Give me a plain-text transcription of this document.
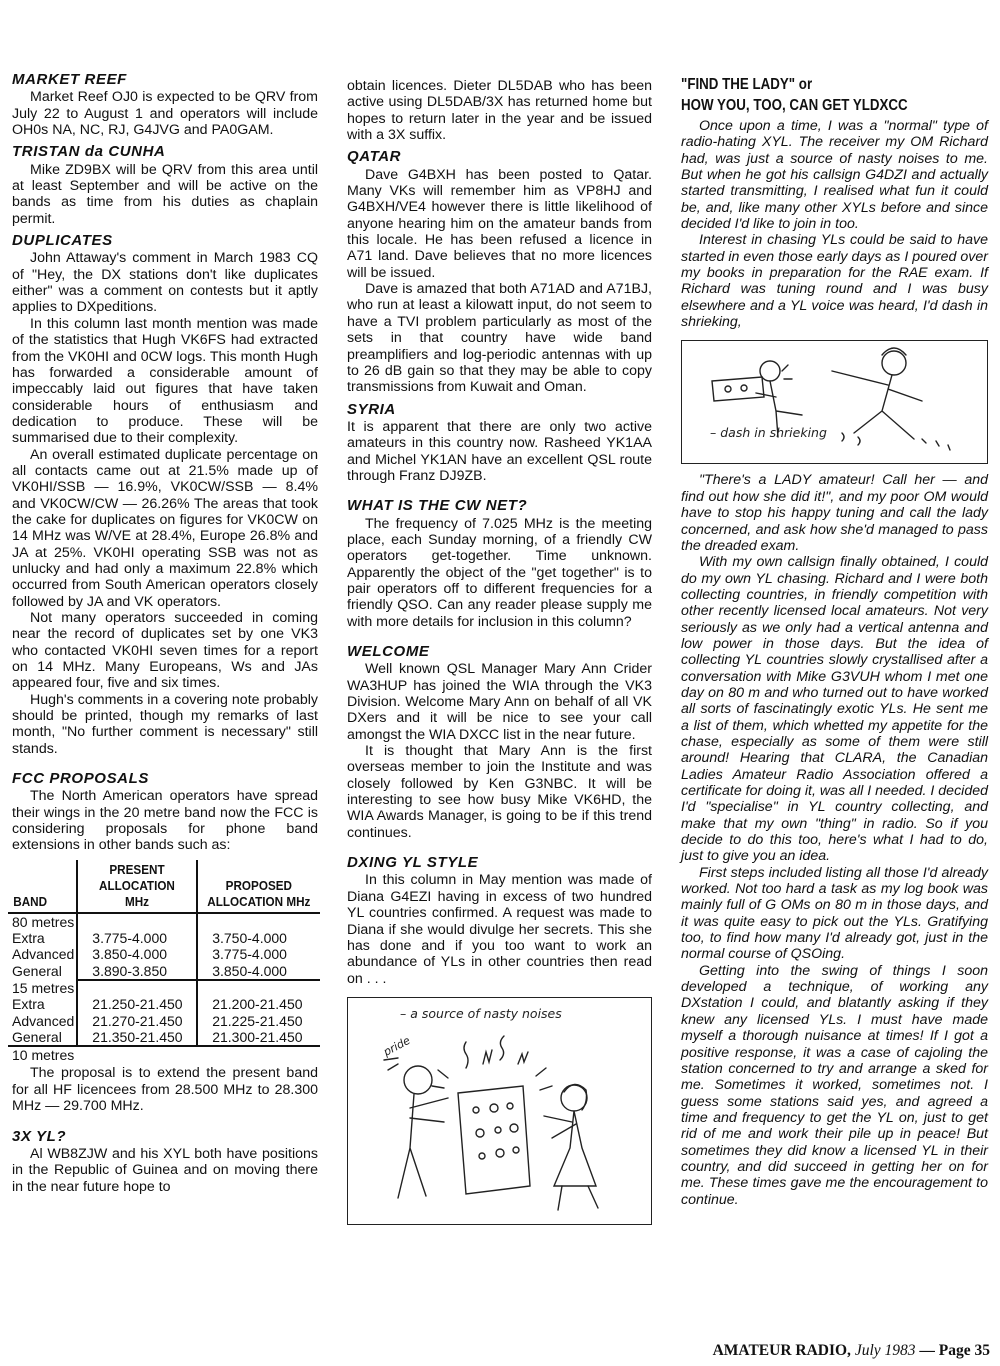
MARKET REEF

Market Reef OJ0 is expected to be QRV from July 22 to August 1 and operators will include OH0s NA, NC, RJ, G4JVG and PA0GAM.

TRISTAN da CUNHA

Mike ZD9BX will be QRV from this area until at least September and will be active on the bands as time from his duties as chaplain permit.

DUPLICATES

John Attaway's comment in March 1983 CQ of "Hey, the DX stations don't like duplicates either" was a comment on contests but it aptly applies to DXpeditions.

In this column last month mention was made of the statistics that Hugh VK6FS had extracted from the VK0HI and 0CW logs. This month Hugh has forwarded a considerable amount of impeccably laid out figures that have taken considerable hours of enthusiasm and dedication to produce. These will be summarised due to their complexity.

An overall estimated duplicate percentage on all contacts came out at 21.5% made up of VK0HI/SSB — 16.9%, VK0CW/SSB — 8.4% and VK0CW/CW — 26.26% The areas that took the cake for duplicates on figures for VK0CW on 14 MHz was W/VE at 28.4%, Europe 26.8% and JA at 25%. VK0HI operating SSB was not as unlucky and had only a maximum 22.8% which occurred from South American operators closely followed by JA and VK operators.

Not many operators succeeded in coming near the record of duplicates set by one VK3 who contacted VK0HI seven times for a report on 14 MHz. Many Europeans, Ws and JAs appeared four, five and six times.

Hugh's comments in a covering note probably should be printed, though my remarks of last month, "No further comment is necessary" still stands.

FCC PROPOSALS

The North American operators have spread their wings in the 20 metre band now the FCC is considering proposals for phone band extensions in other bands such as:

BAND	PRESENT ALLOCATION MHz	PROPOSED ALLOCATION MHz
80 metres		
Extra	3.775-4.000	3.750-4.000
Advanced	3.850-4.000	3.775-4.000
General	3.890-3.850	3.850-4.000
15 metres		
Extra	21.250-21.450	21.200-21.450
Advanced	21.270-21.450	21.225-21.450
General	21.350-21.450	21.300-21.450
10 metres		

The proposal is to extend the present band for all HF licencees from 28.500 MHz to 28.300 MHz — 29.700 MHz.

3X YL?

Al WB8ZJW and his XYL both have positions in the Republic of Guinea and on moving there in the near future hope to

obtain licences. Dieter DL5DAB who has been active using DL5DAB/3X has returned home but hopes to return later in the year and be issued with a 3X suffix.

QATAR

Dave G4BXH has been posted to Qatar. Many VKs will remember him as VP8HJ and G4BXH/VE4 however there is little likelihood of anyone hearing him on the amateur bands from this locale. He has been refused a licence in A71 land. Dave believes that no more licences will be issued.

Dave is amazed that both A71AD and A71BJ, who run at least a kilowatt input, do not seem to have a TVI problem particularly as most of the sets in that country have wide band preamplifiers and log-periodic antennas with up to 26 dB gain so that they may be able to copy transmissions from Kuwait and Oman.

SYRIA

It is apparent that there are only two active amateurs in this country now. Rasheed YK1AA and Michel YK1AN have an excellent QSL route through Franz DJ9ZB.

WHAT IS THE CW NET?

The frequency of 7.025 MHz is the meeting place, each Sunday morning, of a friendly CW operators get-together. Time unknown. Apparently the object of the "get together" is to pair operators off to different frequencies for a friendly QSO. Can any reader please supply me with more details for inclusion in this column?

WELCOME

Well known QSL Manager Mary Ann Crider WA3HUP has joined the WIA through the VK3 Division. Welcome Mary Ann on behalf of all VK DXers and it will be nice to see your call amongst the WIA DXCC list in the near future.

It is thought that Mary Ann is the first overseas member to join the Institute and was closely followed by Ken G3NBC. It will be interesting to see how busy Mike VK6HD, the WIA Awards Manager, is going to be if this trend continues.

DXING YL STYLE

In this column in May mention was made of Diana G4EZI having in excess of two hundred YL countries confirmed. A request was made to Diana if she would divulge her secrets. This she has done and if you too want to work an abundance of YLs in other countries then read on . . .

– a source of nasty noises
pride
"FIND THE LADY" or
HOW YOU, TOO, CAN GET YLDXCC

Once upon a time, I was a "normal" type of radio-hating XYL. The receiver my OM Richard had, was just a source of nasty noises to me. But when he got his callsign G4DZI and actually started transmitting, I realised what fun it could be, and, like many other XYLs before and since decided I'd like to join in too.

Interest in chasing YLs could be said to have started in even those early days as I poured over my books in preparation for the RAE exam. If Richard was tuning round and I was busy elsewhere and a YL voice was heard, I'd dash in shrieking,

– dash in shrieking

"There's a LADY amateur! Call her — and find out how she did it!", and my poor OM would have to stop his happy tuning and call the lady concerned, and ask how she'd managed to pass the dreaded exam.

With my own callsign finally obtained, I could do my own YL chasing. Richard and I were both collecting countries, in friendly competition with other recently licensed local amateurs. Not very seriously as we only had a vertical antenna and low power in those days. But the idea of collecting YL countries slowly crystallised after a conversation with Mike G3VUH whom I met one day on 80 m and who turned out to have worked all sorts of fascinatingly exotic YLs. He sent me a list of them, which whetted my appetite for the chase, especially as some of them were still around! Hearing that CLARA, the Canadian Ladies Amateur Radio Association offered a certificate for doing it, was all I needed. I decided I'd "specialise" in YL country collecting, and make that my own "thing" in radio. So if you decide to do this too, here's what I had to do, just to give you an idea.

First steps included listing all those I'd already worked. Not too hard a task as my log book was mainly full of G OMs on 80 m in those days, and it was quite easy to pick out the YLs. Gratifying too, to find how many I'd already got, just in the normal course of QSOing.

Getting into the swing of things I soon developed a technique, of working any DXstation I could, and blatantly asking if they knew any licensed YLs. I must have made myself a thorough nuisance at times! If I got a positive response, it was a case of cajoling the station concerned to try and arrange a sked for me. Sometimes it worked, sometimes not. I guess some stations said yes, and agreed a time and frequency to get the YL on, just to get rid of me and work their pile up in peace! But sometimes they did know a licensed YL in their country, and did succeed in getting her on for me. These times gave me the encouragement to continue.

AMATEUR RADIO, July 1983 — Page 35
